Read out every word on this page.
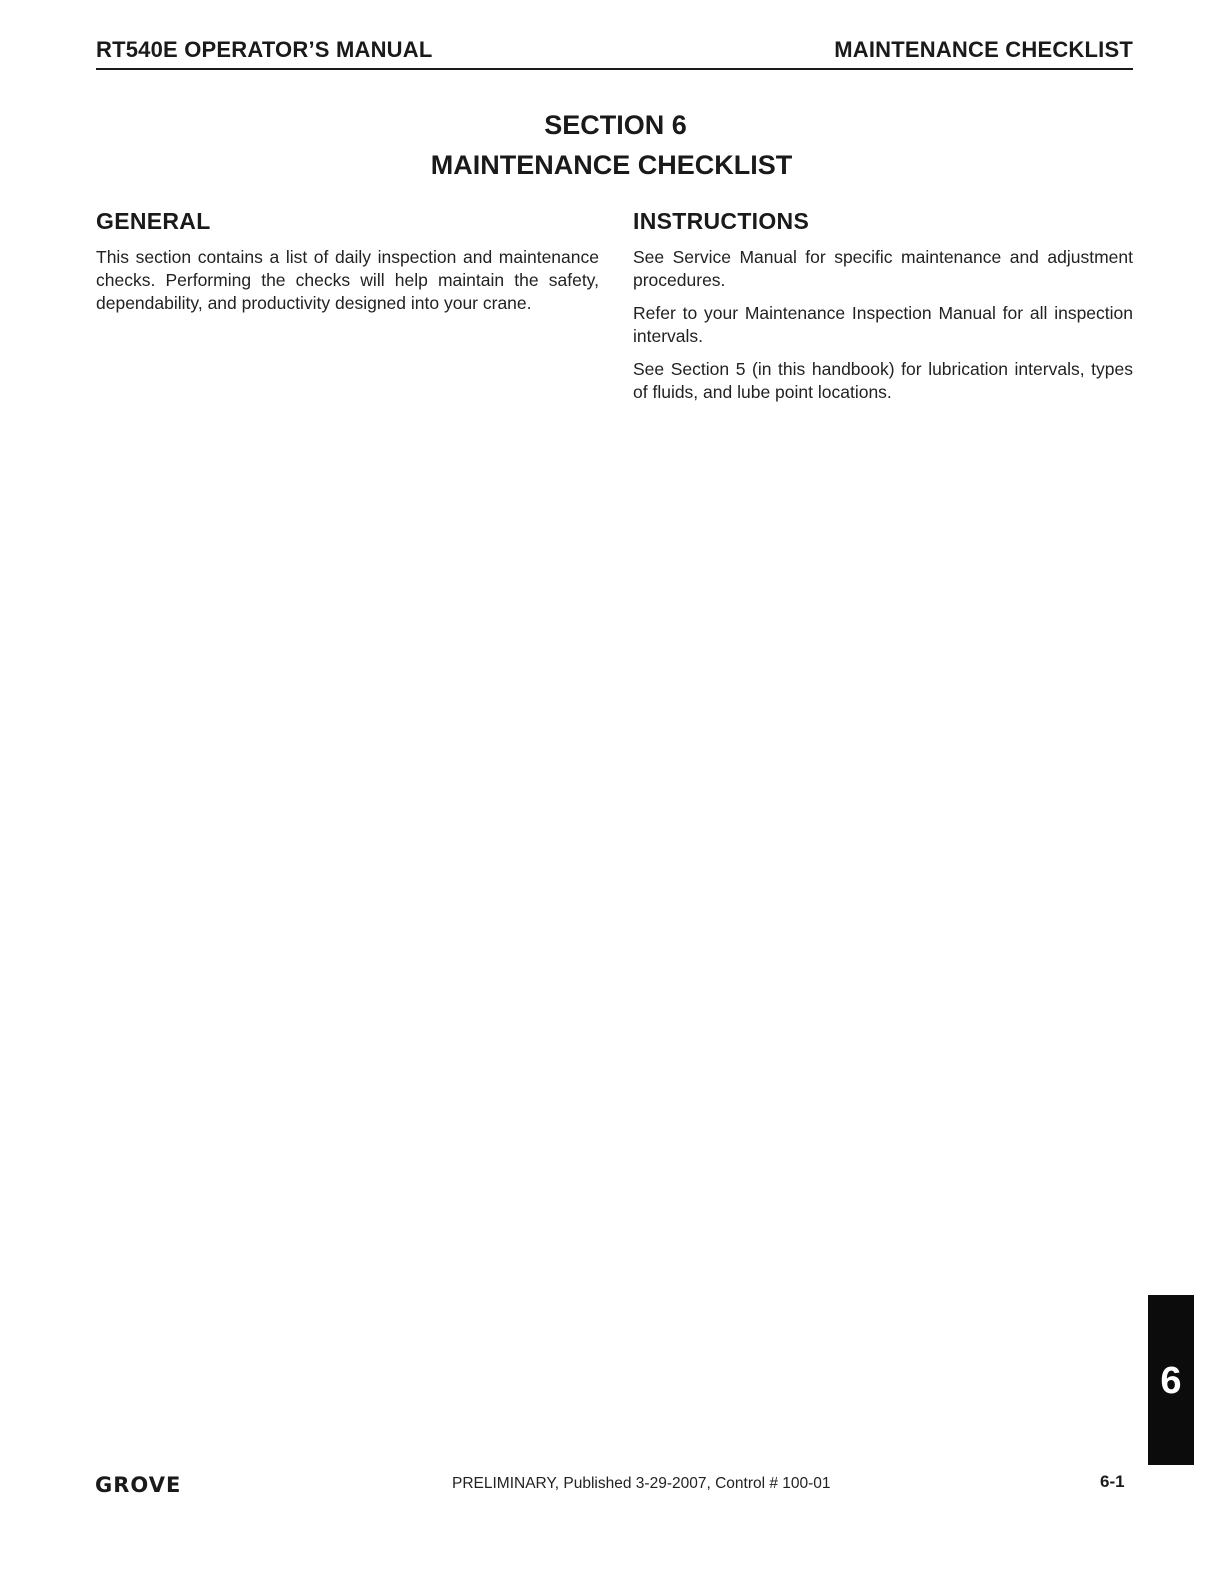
RT540E OPERATOR’S MANUAL	MAINTENANCE CHECKLIST
SECTION 6
MAINTENANCE CHECKLIST
GENERAL

This section contains a list of daily inspection and maintenance checks. Performing the checks will help maintain the safety, dependability, and productivity designed into your crane.

INSTRUCTIONS

See Service Manual for specific maintenance and adjustment procedures.

Refer to your Maintenance Inspection Manual for all inspection intervals.

See Section 5 (in this handbook) for lubrication intervals, types of fluids, and lube point locations.

6
GROVE	PRELIMINARY, Published 3-29-2007, Control # 100-01	6-1
